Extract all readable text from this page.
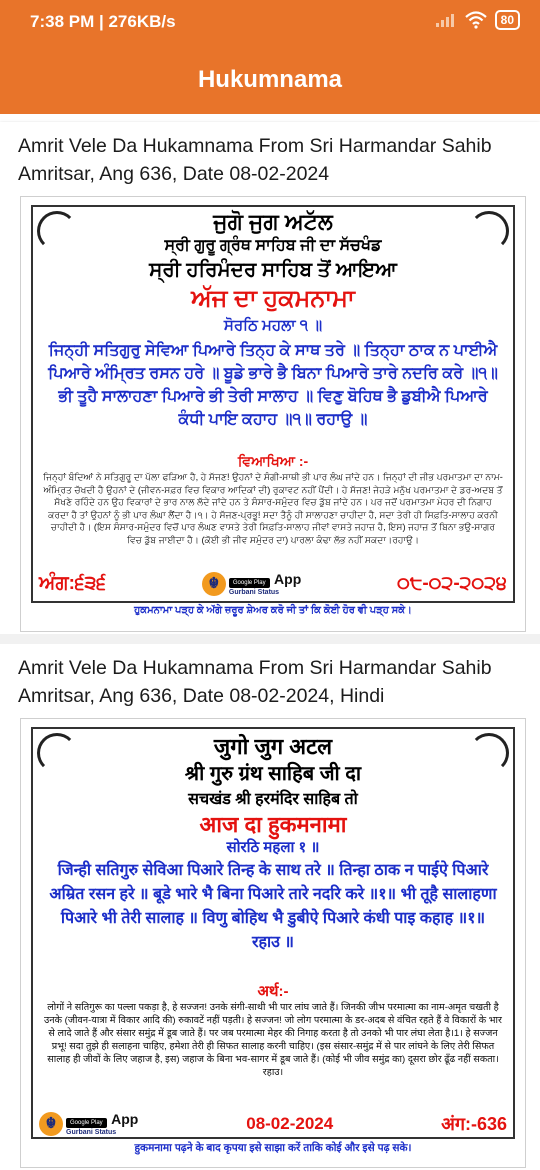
7:38 PM | 276KB/s	80
Hukumnama
Amrit Vele Da Hukamnama From Sri Harmandar Sahib Amritsar, Ang 636, Date 08-02-2024
ਜੁਗੋ ਜੁਗ ਅਟੱਲ
ਸ੍ਰੀ ਗੁਰੂ ਗ੍ਰੰਥ ਸਾਹਿਬ ਜੀ ਦਾ ਸੱਚਖੰਡ
ਸ੍ਰੀ ਹਰਿਮੰਦਰ ਸਾਹਿਬ ਤੋਂ ਆਇਆ
ਅੱਜ ਦਾ ਹੁਕਮਨਾਮਾ
ਸੋਰਠਿ ਮਹਲਾ ੧ ॥
ਜਿਨ੍ਹੀ ਸਤਿਗੁਰੁ ਸੇਵਿਆ ਪਿਆਰੇ ਤਿਨ੍ਹ ਕੇ ਸਾਥ ਤਰੇ ॥ ਤਿਨ੍ਹਾ ਠਾਕ ਨ ਪਾਈਐ ਪਿਆਰੇ ਅੰਮ੍ਰਿਤ ਰਸਨ ਹਰੇ ॥ ਬੂਡੇ ਭਾਰੇ ਭੈ ਬਿਨਾ ਪਿਆਰੇ ਤਾਰੇ ਨਦਰਿ ਕਰੇ ॥੧॥ ਭੀ ਤੂਹੈ ਸਾਲਾਹਣਾ ਪਿਆਰੇ ਭੀ ਤੇਰੀ ਸਾਲਾਹ ॥ ਵਿਣੁ ਬੋਹਿਥ ਭੈ ਡੁਬੀਐ ਪਿਆਰੇ ਕੰਧੀ ਪਾਇ ਕਹਾਹ ॥੧॥ ਰਹਾਉ ॥
ਵਿਆਖਿਆ :-
ਜਿਨ੍ਹਾਂ ਬੰਦਿਆਂ ਨੇ ਸਤਿਗੁਰੂ ਦਾ ਪੱਲਾ ਫੜਿਆ ਹੈ, ਹੇ ਸੱਜਣ! ਉਹਨਾਂ ਦੇ ਸੰਗੀ-ਸਾਥੀ ਭੀ ਪਾਰ ਲੰਘ ਜਾਂਦੇ ਹਨ। ਜਿਨ੍ਹਾਂ ਦੀ ਜੀਭ ਪਰਮਾਤਮਾ ਦਾ ਨਾਮ-ਅੰਮ੍ਰਿਤ ਚੱਖਦੀ ਹੈ ਉਹਨਾਂ ਦੇ (ਜੀਵਨ-ਸਫ਼ਰ ਵਿਚ ਵਿਕਾਰ ਆਦਿਕਾਂ ਦੀ) ਰੁਕਾਵਟ ਨਹੀਂ ਪੈਂਦੀ। ਹੇ ਸੱਜਣ! ਜੇਹੜੇ ਮਨੁੱਖ ਪਰਮਾਤਮਾ ਦੇ ਡਰ-ਅਦਬ ਤੋਂ ਸੱਖਣੇ ਰਹਿੰਦੇ ਹਨ ਉਹ ਵਿਕਾਰਾਂ ਦੇ ਭਾਰ ਨਾਲ ਲੱਦੇ ਜਾਂਦੇ ਹਨ ਤੇ ਸੰਸਾਰ-ਸਮੁੰਦਰ ਵਿਚ ਡੁੱਬ ਜਾਂਦੇ ਹਨ। ਪਰ ਜਦੋਂ ਪਰਮਾਤਮਾ ਮੇਹਰ ਦੀ ਨਿਗਾਹ ਕਰਦਾ ਹੈ ਤਾਂ ਉਹਨਾਂ ਨੂੰ ਭੀ ਪਾਰ ਲੰਘਾ ਲੈਂਦਾ ਹੈ।੧। ਹੇ ਸੱਜਣ-ਪ੍ਰਭੂ! ਸਦਾ ਤੈਨੂੰ ਹੀ ਸਾਲਾਹਣਾ ਚਾਹੀਦਾ ਹੈ, ਸਦਾ ਤੇਰੀ ਹੀ ਸਿਫ਼ਤਿ-ਸਾਲਾਹ ਕਰਨੀ ਚਾਹੀਦੀ ਹੈ। (ਇਸ ਸੰਸਾਰ-ਸਮੁੰਦਰ ਵਿਚੋਂ ਪਾਰ ਲੰਘਣ ਵਾਸਤੇ ਤੇਰੀ ਸਿਫ਼ਤਿ-ਸਾਲਾਹ ਜੀਵਾਂ ਵਾਸਤੇ ਜਹਾਜ਼ ਹੈ, ਇਸ) ਜਹਾਜ਼ ਤੋਂ ਬਿਨਾ ਭਉ-ਸਾਗਰ ਵਿਚ ਡੁੱਬ ਜਾਈਦਾ ਹੈ। (ਕੋਈ ਭੀ ਜੀਵ ਸਮੁੰਦਰ ਦਾ) ਪਾਰਲਾ ਕੰਢਾ ਲੱਭ ਨਹੀਂ ਸਕਦਾ।ਰਹਾਉ।
ਅੰਗ:੬੩੬	☬	Google Play App
Gurbani Status	੦੮-੦੨-੨੦੨੪
ਹੁਕਮਨਾਮਾ ਪੜ੍ਹ ਕੇ ਅੱਗੇ ਜ਼ਰੂਰ ਸ਼ੇਅਰ ਕਰੋ ਜੀ ਤਾਂ ਕਿ ਕੋਈ ਹੋਰ ਵੀ ਪੜ੍ਹ ਸਕੇ।
Amrit Vele Da Hukamnama From Sri Harmandar Sahib Amritsar, Ang 636, Date 08-02-2024, Hindi
जुगो जुग अटल
श्री गुरु ग्रंथ साहिब जी दा
सचखंड श्री हरमंदिर साहिब तो
आज दा हुकमनामा
सोरठि महला १ ॥
जिन्ही सतिगुरु सेविआ पिआरे तिन्ह के साथ तरे ॥ तिन्हा ठाक न पाईऐ पिआरे अम्रित रसन हरे ॥ बूडे भारे भै बिना पिआरे तारे नदरि करे ॥१॥ भी तूहै सालाहणा पिआरे भी तेरी सालाह ॥ विणु बोहिथ भै डुबीऐ पिआरे कंधी पाइ कहाह ॥१॥ रहाउ ॥
अर्थ:-
लोगों ने सतिगुरू का पल्ला पकड़ा है, हे सज्जन! उनके संगी-साथी भी पार लांघ जाते हैं। जिनकी जीभ परमात्मा का नाम-अमृत चखती है उनके (जीवन-यात्रा में विकार आदि की) रुकावटें नहीं पड़ती। हे सज्जन! जो लोग परमात्मा के डर-अदब से वंचित रहते हैं वे विकारों के भार से लादे जाते हैं और संसार समुंद्र में डूब जाते हैं। पर जब परमात्मा मेहर की निगाह करता है तो उनको भी पार लंघा लेता है।1। हे सज्जन प्रभू! सदा तुझे ही सलाहना चाहिए, हमेशा तेरी ही सिफत सालाह करनी चाहिए। (इस संसार-समुंद्र में से पार लांघने के लिए तेरी सिफत सालाह ही जीवों के लिए जहाज है, इस) जहाज के बिना भव-सागर में डूब जाते हैं। (कोई भी जीव समुंद्र का) दूसरा छोर ढूँढ नहीं सकता। रहाउ।
☬	Google Play App
Gurbani Status	08-02-2024	अंग:-636
हुकमनामा पढ़ने के बाद कृपया इसे साझा करें ताकि कोई और इसे पढ़ सके।
